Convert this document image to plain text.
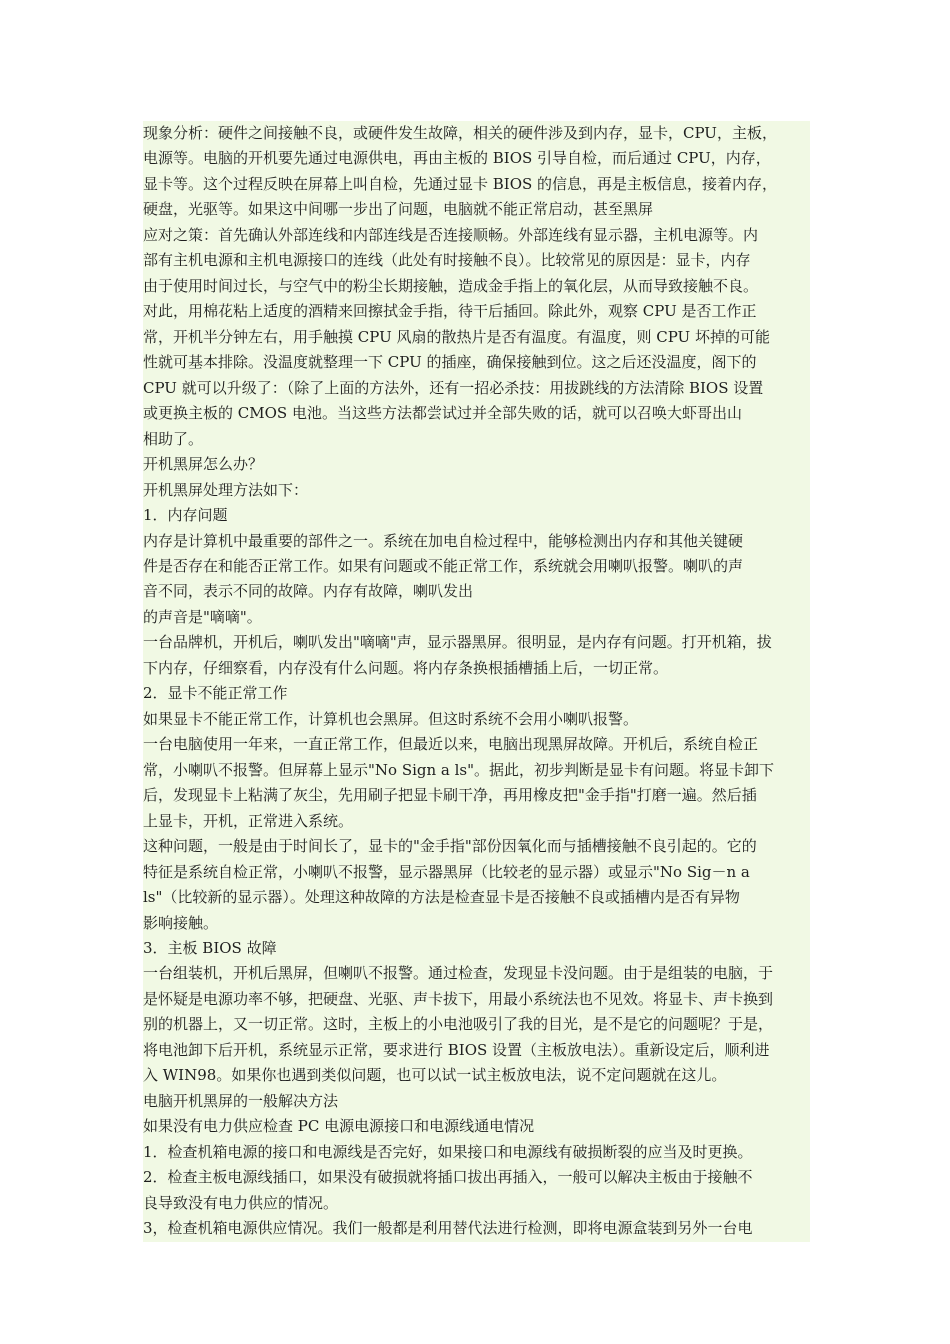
现象分析：硬件之间接触不良，或硬件发生故障，相关的硬件涉及到内存，显卡，CPU，主板，
电源等。电脑的开机要先通过电源供电，再由主板的 BIOS 引导自检，而后通过 CPU，内存，
显卡等。这个过程反映在屏幕上叫自检，先通过显卡 BIOS 的信息，再是主板信息，接着内存，
硬盘，光驱等。如果这中间哪一步出了问题，电脑就不能正常启动，甚至黑屏
应对之策：首先确认外部连线和内部连线是否连接顺畅。外部连线有显示器，主机电源等。内
部有主机电源和主机电源接口的连线（此处有时接触不良）。比较常见的原因是：显卡，内存
由于使用时间过长，与空气中的粉尘长期接触，造成金手指上的氧化层，从而导致接触不良。
对此，用棉花粘上适度的酒精来回擦拭金手指，待干后插回。除此外，观察 CPU 是否工作正
常，开机半分钟左右，用手触摸 CPU 风扇的散热片是否有温度。有温度，则 CPU 坏掉的可能
性就可基本排除。没温度就整理一下 CPU 的插座，确保接触到位。这之后还没温度，阁下的
CPU 就可以升级了：（除了上面的方法外，还有一招必杀技：用拔跳线的方法清除 BIOS 设置
或更换主板的 CMOS 电池。当这些方法都尝试过并全部失败的话，就可以召唤大虾哥出山
相助了。
开机黑屏怎么办？
开机黑屏处理方法如下：
1．内存问题
内存是计算机中最重要的部件之一。系统在加电自检过程中，能够检测出内存和其他关键硬
件是否存在和能否正常工作。如果有问题或不能正常工作，系统就会用喇叭报警。喇叭的声
音不同，表示不同的故障。内存有故障，喇叭发出
的声音是"嘀嘀"。
一台品牌机，开机后，喇叭发出"嘀嘀"声，显示器黑屏。很明显，是内存有问题。打开机箱，拔
下内存，仔细察看，内存没有什么问题。将内存条换根插槽插上后，一切正常。
2．显卡不能正常工作
如果显卡不能正常工作，计算机也会黑屏。但这时系统不会用小喇叭报警。
一台电脑使用一年来，一直正常工作，但最近以来，电脑出现黑屏故障。开机后，系统自检正
常，小喇叭不报警。但屏幕上显示"No Sign a ls"。据此，初步判断是显卡有问题。将显卡卸下
后，发现显卡上粘满了灰尘，先用刷子把显卡刷干净，再用橡皮把"金手指"打磨一遍。然后插
上显卡，开机，正常进入系统。
这种问题，一般是由于时间长了，显卡的"金手指"部份因氧化而与插槽接触不良引起的。它的
特征是系统自检正常，小喇叭不报警，显示器黑屏（比较老的显示器）或显示"No Sig－n a
ls"（比较新的显示器）。处理这种故障的方法是检查显卡是否接触不良或插槽内是否有异物
影响接触。
3．主板 BIOS 故障
一台组装机，开机后黑屏，但喇叭不报警。通过检查，发现显卡没问题。由于是组装的电脑，于
是怀疑是电源功率不够，把硬盘、光驱、声卡拔下，用最小系统法也不见效。将显卡、声卡换到
别的机器上，又一切正常。这时，主板上的小电池吸引了我的目光，是不是它的问题呢？于是，
将电池卸下后开机，系统显示正常，要求进行 BIOS 设置（主板放电法）。重新设定后，顺利进
入 WIN98。如果你也遇到类似问题，也可以试一试主板放电法，说不定问题就在这儿。
电脑开机黑屏的一般解决方法
如果没有电力供应检查 PC 电源电源接口和电源线通电情况
1．检查机箱电源的接口和电源线是否完好，如果接口和电源线有破损断裂的应当及时更换。
2．检查主板电源线插口，如果没有破损就将插口拔出再插入，一般可以解决主板由于接触不
良导致没有电力供应的情况。
3，检查机箱电源供应情况。我们一般都是利用替代法进行检测，即将电源盒装到另外一台电
